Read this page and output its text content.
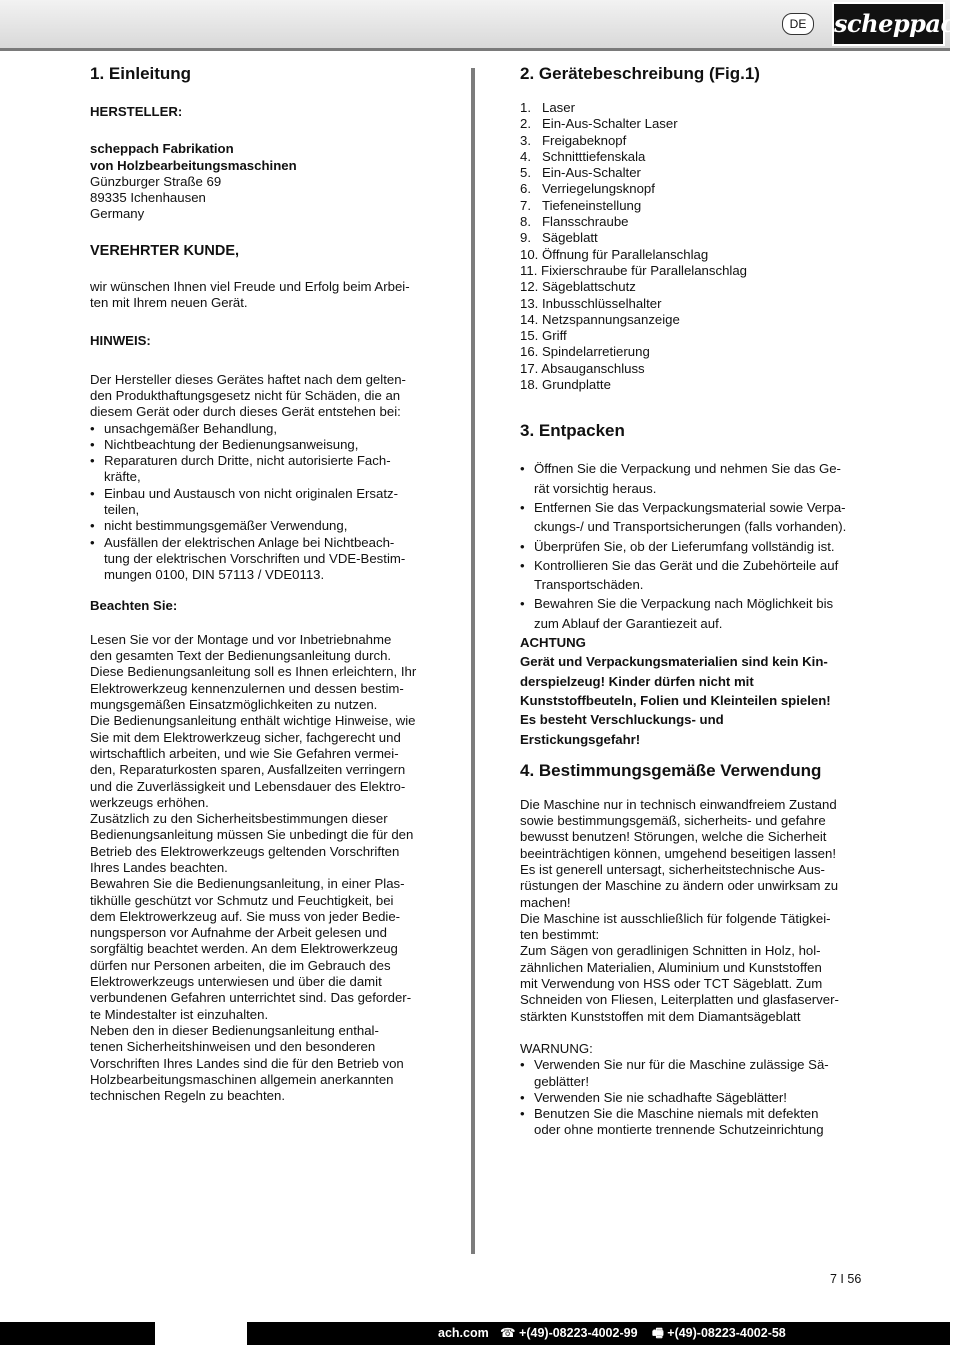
DE	scheppach
1. Einleitung

HERSTELLER:

scheppach Fabrikation

von Holzbearbeitungsmaschinen

Günzburger Straße 69

89335 Ichenhausen

Germany

VEREHRTER KUNDE,

wir wünschen Ihnen viel Freude und Erfolg beim Arbei-

ten mit Ihrem neuen Gerät.

HINWEIS:

Der Hersteller dieses Gerätes haftet nach dem gelten-

den Produkthaftungsgesetz nicht für Schäden, die an

diesem Gerät oder durch dieses Gerät entstehen bei:

• unsachgemäßer Behandlung,
• Nichtbeachtung der Bedienungsanweisung,
• Reparaturen durch Dritte, nicht autorisierte Fach-
kräfte,
• Einbau und Austausch von nicht originalen Ersatz-
teilen,
• nicht bestimmungsgemäßer Verwendung,
• Ausfällen der elektrischen Anlage bei Nichtbeach-
tung der elektrischen Vorschriften und VDE-Bestim-
mungen 0100, DIN 57113 / VDE0113.

Beachten Sie:

Lesen Sie vor der Montage und vor Inbetriebnahme

den gesamten Text der Bedienungsanleitung durch.

Diese Bedienungsanleitung soll es Ihnen erleichtern, Ihr

Elektrowerkzeug kennenzulernen und dessen bestim-

mungsgemäßen Einsatzmöglichkeiten zu nutzen.

Die Bedienungsanleitung enthält wichtige Hinweise, wie

Sie mit dem Elektrowerkzeug sicher, fachgerecht und

wirtschaftlich arbeiten, und wie Sie Gefahren vermei-

den, Reparaturkosten sparen, Ausfallzeiten verringern

und die Zuverlässigkeit und Lebensdauer des Elektro-

werkzeugs erhöhen.

Zusätzlich zu den Sicherheitsbestimmungen dieser

Bedienungsanleitung müssen Sie unbedingt die für den

Betrieb des Elektrowerkzeugs geltenden Vorschriften

Ihres Landes beachten.

Bewahren Sie die Bedienungsanleitung, in einer Plas-

tikhülle geschützt vor Schmutz und Feuchtigkeit, bei

dem Elektrowerkzeug auf. Sie muss von jeder Bedie-

nungsperson vor Aufnahme der Arbeit gelesen und

sorgfältig beachtet werden. An dem Elektrowerkzeug

dürfen nur Personen arbeiten, die im Gebrauch des

Elektrowerkzeugs unterwiesen und über die damit

verbundenen Gefahren unterrichtet sind. Das geforder-

te Mindestalter ist einzuhalten.

Neben den in dieser Bedienungsanleitung enthal-

tenen Sicherheitshinweisen und den besonderen

Vorschriften Ihres Landes sind die für den Betrieb von

Holzbearbeitungsmaschinen allgemein anerkannten

technischen Regeln zu beachten.

2. Gerätebeschreibung (Fig.1)
1. Laser
2. Ein-Aus-Schalter Laser
3. Freigabeknopf
4. Schnitttiefenskala
5. Ein-Aus-Schalter
6. Verriegelungsknopf
7. Tiefeneinstellung
8. Flansschraube
9. Sägeblatt
10. Öffnung für Parallelanschlag
11. Fixierschraube für Parallelanschlag
12. Sägeblattschutz
13. Inbusschlüsselhalter
14. Netzspannungsanzeige
15. Griff
16. Spindelarretierung
17. Absauganschluss
18. Grundplatte
3. Entpacken
• Öffnen Sie die Verpackung und nehmen Sie das Ge-
rät vorsichtig heraus.
• Entfernen Sie das Verpackungsmaterial sowie Verpa-
ckungs-/ und Transportsicherungen (falls vorhanden).
• Überprüfen Sie, ob der Lieferumfang vollständig ist.
• Kontrollieren Sie das Gerät und die Zubehörteile auf
Transportschäden.
• Bewahren Sie die Verpackung nach Möglichkeit bis
zum Ablauf der Garantiezeit auf.

ACHTUNG

Gerät und Verpackungsmaterialien sind kein Kin-

derspielzeug! Kinder dürfen nicht mit

Kunststoffbeuteln, Folien und Kleinteilen spielen!

Es besteht Verschluckungs- und

Erstickungsgefahr!

4. Bestimmungsgemäße Verwendung

Die Maschine nur in technisch einwandfreiem Zustand

sowie bestimmungsgemäß, sicherheits- und gefahre

bewusst benutzen! Störungen, welche die Sicherheit

beeinträchtigen können, umgehend beseitigen lassen!

Es ist generell untersagt, sicherheitstechnische Aus-

rüstungen der Maschine zu ändern oder unwirksam zu

machen!

Die Maschine ist ausschließlich für folgende Tätigkei-

ten bestimmt:

Zum Sägen von geradlinigen Schnitten in Holz, hol-

zähnlichen Materialien, Aluminium und Kunststoffen

mit Verwendung von HSS oder TCT Sägeblatt. Zum

Schneiden von Fliesen, Leiterplatten und glasfaserver-

stärkten Kunststoffen mit dem Diamantsägeblatt

WARNUNG:

• Verwenden Sie nur für die Maschine zulässige Sä-
geblätter!
• Verwenden Sie nie schadhafte Sägeblätter!
• Benutzen Sie die Maschine niemals mit defekten
oder ohne montierte trennende Schutzeinrichtung
7 I 56
ach.com ☎ +(49)-08223-4002-99 🖷 +(49)-08223-4002-58
